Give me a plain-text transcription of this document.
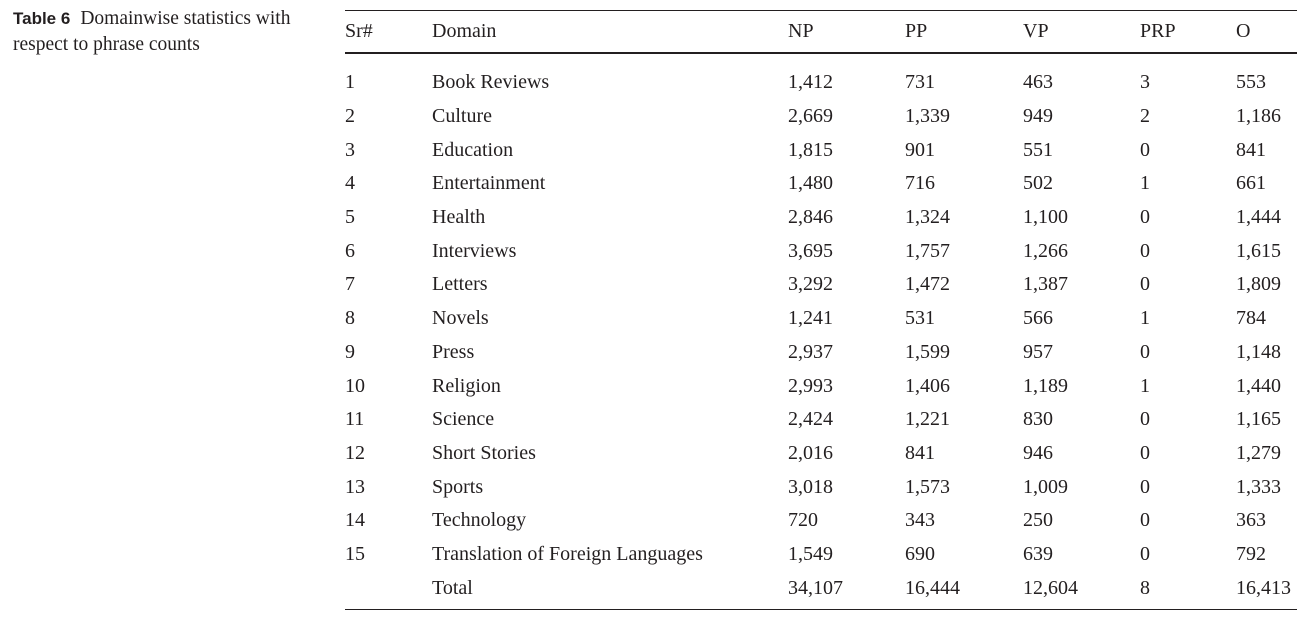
Table 6 Domainwise statistics with respect to phrase counts
Sr#	Domain	NP	PP	VP	PRP	O
1	Book Reviews	1,412	731	463	3	553
2	Culture	2,669	1,339	949	2	1,186
3	Education	1,815	901	551	0	841
4	Entertainment	1,480	716	502	1	661
5	Health	2,846	1,324	1,100	0	1,444
6	Interviews	3,695	1,757	1,266	0	1,615
7	Letters	3,292	1,472	1,387	0	1,809
8	Novels	1,241	531	566	1	784
9	Press	2,937	1,599	957	0	1,148
10	Religion	2,993	1,406	1,189	1	1,440
11	Science	2,424	1,221	830	0	1,165
12	Short Stories	2,016	841	946	0	1,279
13	Sports	3,018	1,573	1,009	0	1,333
14	Technology	720	343	250	0	363
15	Translation of Foreign Languages	1,549	690	639	0	792
	Total	34,107	16,444	12,604	8	16,413
